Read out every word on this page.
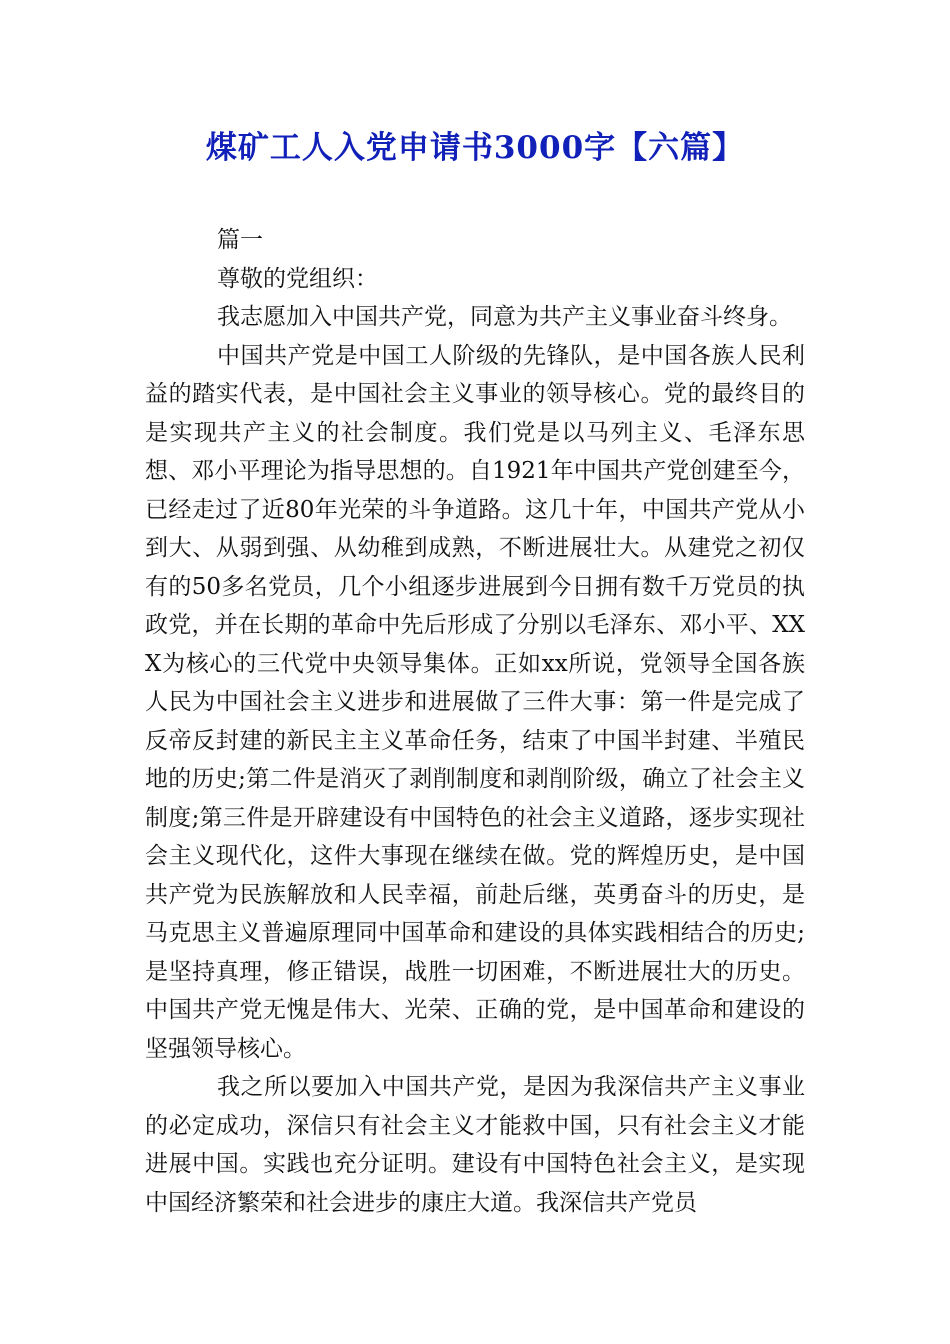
煤矿工人入党申请书3000字【六篇】

篇一

尊敬的党组织：

我志愿加入中国共产党，同意为共产主义事业奋斗终身。

中国共产党是中国工人阶级的先锋队，是中国各族人民利益的踏实代表，是中国社会主义事业的领导核心。党的最终目的是实现共产主义的社会制度。我们党是以马列主义、毛泽东思想、邓小平理论为指导思想的。自1921年中国共产党创建至今，已经走过了近80年光荣的斗争道路。这几十年，中国共产党从小到大、从弱到强、从幼稚到成熟，不断进展壮大。从建党之初仅有的50多名党员，几个小组逐步进展到今日拥有数千万党员的执政党，并在长期的革命中先后形成了分别以毛泽东、邓小平、XXX为核心的三代党中央领导集体。正如xx所说，党领导全国各族人民为中国社会主义进步和进展做了三件大事：第一件是完成了反帝反封建的新民主主义革命任务，结束了中国半封建、半殖民地的历史;第二件是消灭了剥削制度和剥削阶级，确立了社会主义制度;第三件是开辟建设有中国特色的社会主义道路，逐步实现社会主义现代化，这件大事现在继续在做。党的辉煌历史，是中国共产党为民族解放和人民幸福，前赴后继，英勇奋斗的历史，是马克思主义普遍原理同中国革命和建设的具体实践相结合的历史;是坚持真理，修正错误，战胜一切困难，不断进展壮大的历史。中国共产党无愧是伟大、光荣、正确的党，是中国革命和建设的坚强领导核心。

我之所以要加入中国共产党，是因为我深信共产主义事业的必定成功，深信只有社会主义才能救中国，只有社会主义才能进展中国。实践也充分证明。建设有中国特色社会主义，是实现中国经济繁荣和社会进步的康庄大道。我深信共产党员
